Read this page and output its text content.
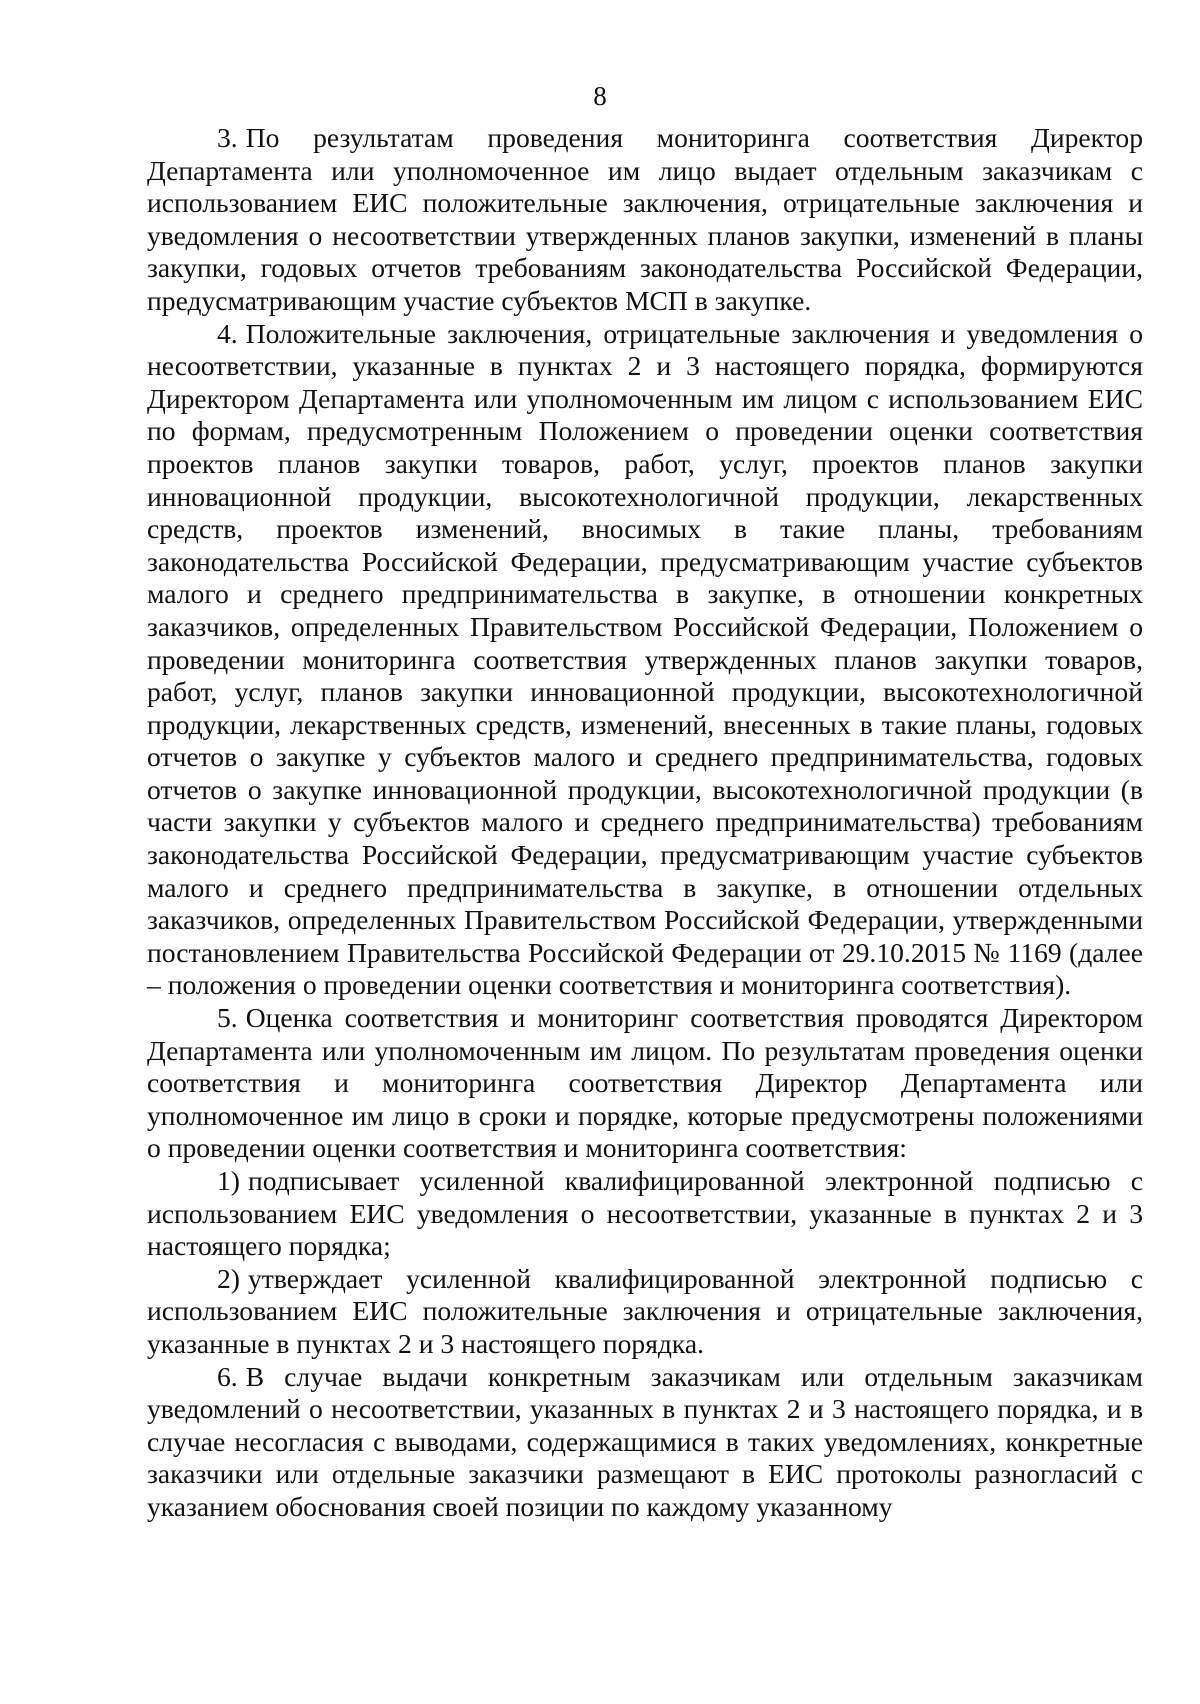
8

3. По результатам проведения мониторинга соответствия Директор Департамента или уполномоченное им лицо выдает отдельным заказчикам с использованием ЕИС положительные заключения, отрицательные заключения и уведомления о несоответствии утвержденных планов закупки, изменений в планы закупки, годовых отчетов требованиям законодательства Российской Федерации, предусматривающим участие субъектов МСП в закупке.

4. Положительные заключения, отрицательные заключения и уведомления о несоответствии, указанные в пунктах 2 и 3 настоящего порядка, формируются Директором Департамента или уполномоченным им лицом с использованием ЕИС по формам, предусмотренным Положением о проведении оценки соответствия проектов планов закупки товаров, работ, услуг, проектов планов закупки инновационной продукции, высокотехнологичной продукции, лекарственных средств, проектов изменений, вносимых в такие планы, требованиям законодательства Российской Федерации, предусматривающим участие субъектов малого и среднего предпринимательства в закупке, в отношении конкретных заказчиков, определенных Правительством Российской Федерации, Положением о проведении мониторинга соответствия утвержденных планов закупки товаров, работ, услуг, планов закупки инновационной продукции, высокотехнологичной продукции, лекарственных средств, изменений, внесенных в такие планы, годовых отчетов о закупке у субъектов малого и среднего предпринимательства, годовых отчетов о закупке инновационной продукции, высокотехнологичной продукции (в части закупки у субъектов малого и среднего предпринимательства) требованиям законодательства Российской Федерации, предусматривающим участие субъектов малого и среднего предпринимательства в закупке, в отношении отдельных заказчиков, определенных Правительством Российской Федерации, утвержденными постановлением Правительства Российской Федерации от 29.10.2015 № 1169 (далее – положения о проведении оценки соответствия и мониторинга соответствия).

5. Оценка соответствия и мониторинг соответствия проводятся Директором Департамента или уполномоченным им лицом. По результатам проведения оценки соответствия и мониторинга соответствия Директор Департамента или уполномоченное им лицо в сроки и порядке, которые предусмотрены положениями о проведении оценки соответствия и мониторинга соответствия:

1) подписывает усиленной квалифицированной электронной подписью с использованием ЕИС уведомления о несоответствии, указанные в пунктах 2 и 3 настоящего порядка;

2) утверждает усиленной квалифицированной электронной подписью с использованием ЕИС положительные заключения и отрицательные заключения, указанные в пунктах 2 и 3 настоящего порядка.

6. В случае выдачи конкретным заказчикам или отдельным заказчикам уведомлений о несоответствии, указанных в пунктах 2 и 3 настоящего порядка, и в случае несогласия с выводами, содержащимися в таких уведомлениях, конкретные заказчики или отдельные заказчики размещают в ЕИС протоколы разногласий с указанием обоснования своей позиции по каждому указанному
